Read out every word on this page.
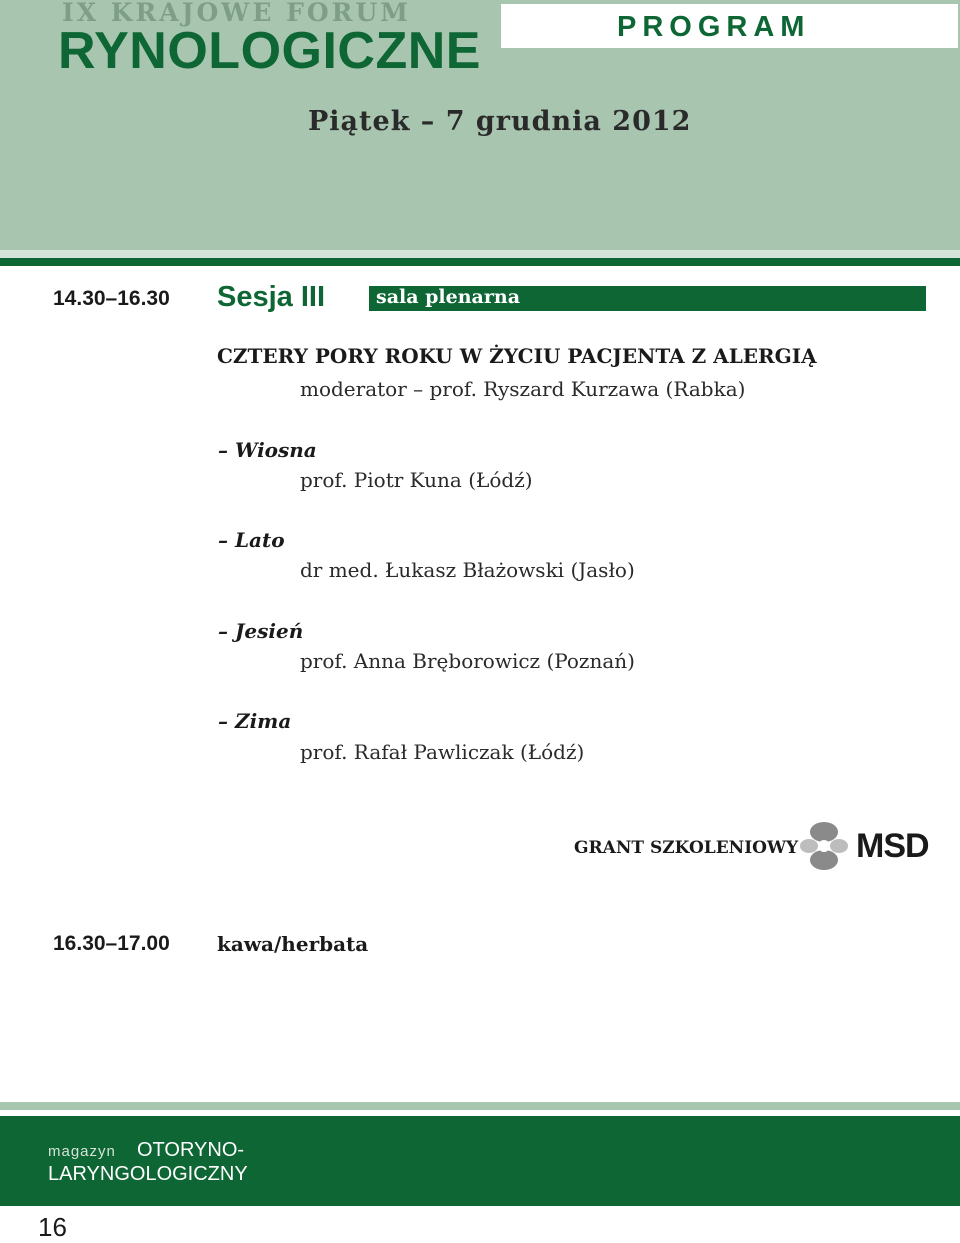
IX KRAJOWE FORUM
RYNOLOGICZNE	PROGRAM
Piątek – 7 grudnia 2012
14.30–16.30 Sesja III	sala plenarna
CZTERY PORY ROKU W ŻYCIU PACJENTA Z ALERGIĄ
moderator – prof. Ryszard Kurzawa (Rabka)
– Wiosna
prof. Piotr Kuna (Łódź)
– Lato
dr med. Łukasz Błażowski (Jasło)
– Jesień
prof. Anna Bręborowicz (Poznań)
– Zima
prof. Rafał Pawliczak (Łódź)
GRANT SZKOLENIOWY MSD
16.30–17.00 kawa/herbata
magazyn OTORYNO-
LARYNGOLOGICZNY
16
